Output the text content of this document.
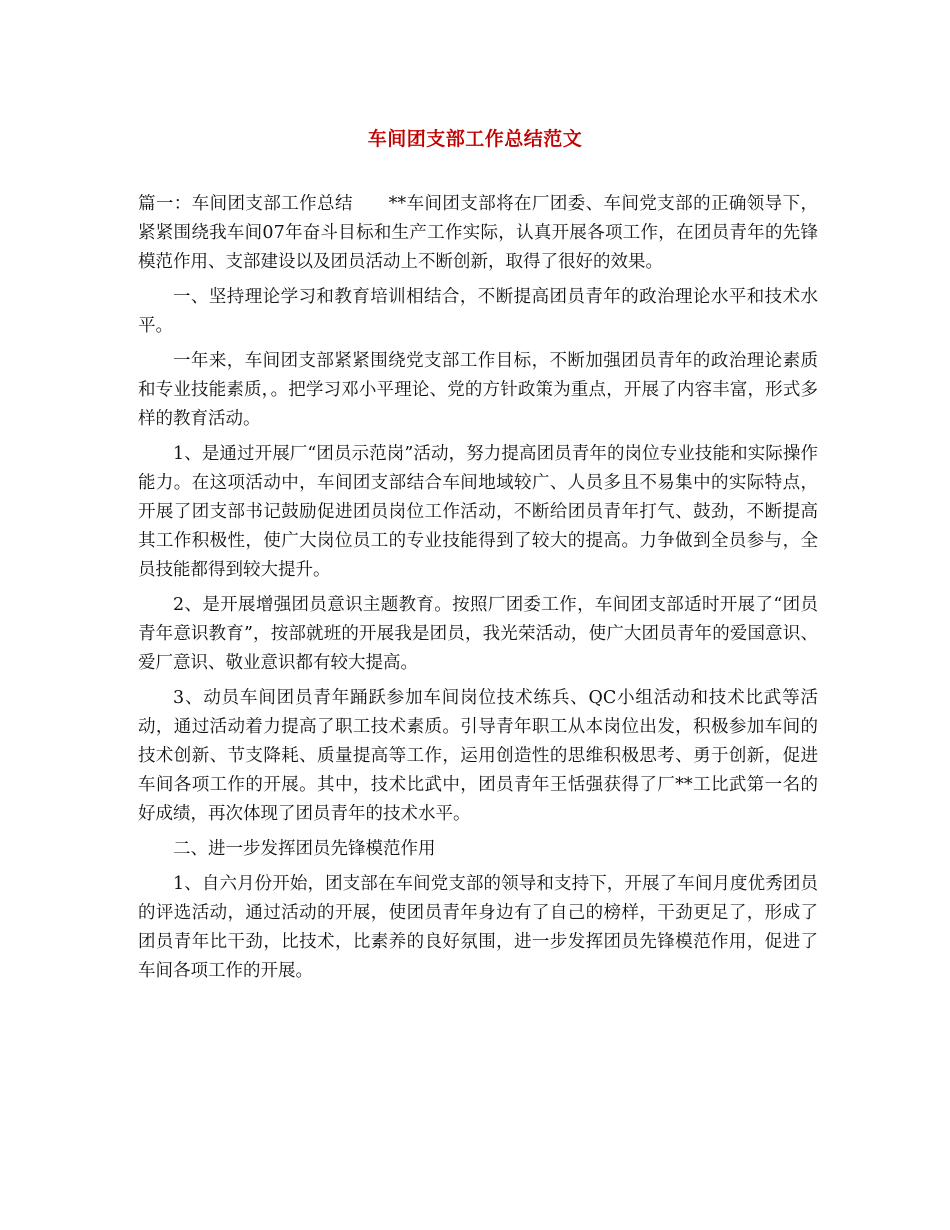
车间团支部工作总结范文

篇一：车间团支部工作总结　　**车间团支部将在厂团委、车间党支部的正确领导下，紧紧围绕我车间07年奋斗目标和生产工作实际，认真开展各项工作，在团员青年的先锋模范作用、支部建设以及团员活动上不断创新，取得了很好的效果。

一、坚持理论学习和教育培训相结合，不断提高团员青年的政治理论水平和技术水平。

一年来，车间团支部紧紧围绕党支部工作目标，不断加强团员青年的政治理论素质和专业技能素质，。把学习邓小平理论、党的方针政策为重点，开展了内容丰富，形式多样的教育活动。

1、是通过开展厂“团员示范岗”活动，努力提高团员青年的岗位专业技能和实际操作能力。在这项活动中，车间团支部结合车间地域较广、人员多且不易集中的实际特点，开展了团支部书记鼓励促进团员岗位工作活动，不断给团员青年打气、鼓劲，不断提高其工作积极性，使广大岗位员工的专业技能得到了较大的提高。力争做到全员参与，全员技能都得到较大提升。

2、是开展增强团员意识主题教育。按照厂团委工作，车间团支部适时开展了“团员青年意识教育”，按部就班的开展我是团员，我光荣活动，使广大团员青年的爱国意识、爱厂意识、敬业意识都有较大提高。

3、动员车间团员青年踊跃参加车间岗位技术练兵、QC小组活动和技术比武等活动，通过活动着力提高了职工技术素质。引导青年职工从本岗位出发，积极参加车间的技术创新、节支降耗、质量提高等工作，运用创造性的思维积极思考、勇于创新，促进车间各项工作的开展。其中，技术比武中，团员青年王恬强获得了厂**工比武第一名的好成绩，再次体现了团员青年的技术水平。

二、进一步发挥团员先锋模范作用

1、自六月份开始，团支部在车间党支部的领导和支持下，开展了车间月度优秀团员的评选活动，通过活动的开展，使团员青年身边有了自己的榜样，干劲更足了，形成了团员青年比干劲，比技术，比素养的良好氛围，进一步发挥团员先锋模范作用，促进了车间各项工作的开展。
